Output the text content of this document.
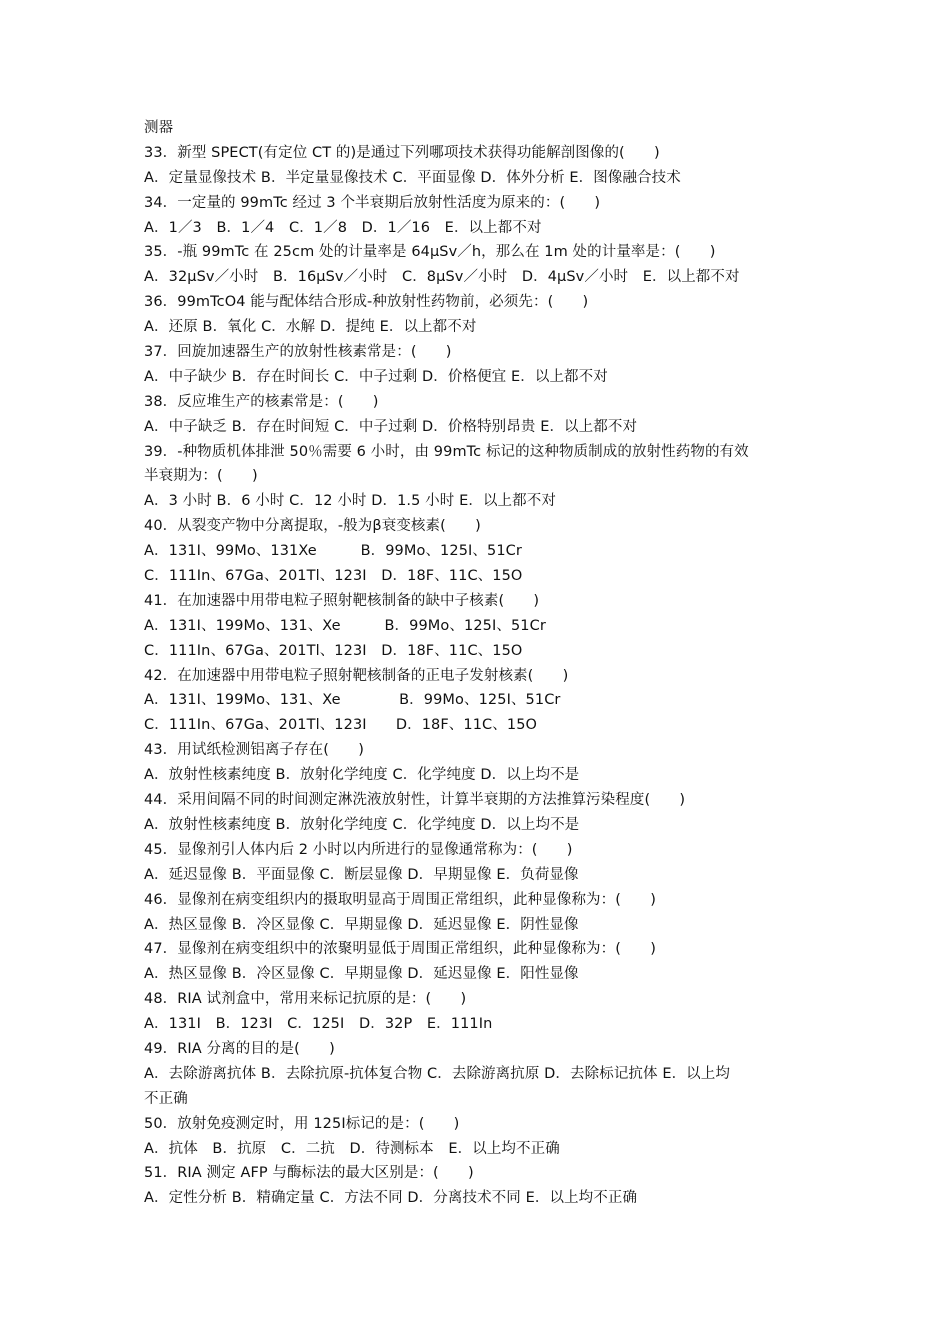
测器
33．新型 SPECT(有定位 CT 的)是通过下列哪项技术获得功能解剖图像的(　　)
A．定量显像技术 B．半定量显像技术 C．平面显像 D．体外分析 E．图像融合技术
34．一定量的 99mTc 经过 3 个半衰期后放射性活度为原来的：(　　)
A．1／3　B．1／4　C．1／8　D．1／16　E．以上都不对
35．-瓶 99mTc 在 25cm 处的计量率是 64μSv／h，那么在 1m 处的计量率是：(　　)
A．32μSv／小时　B．16μSv／小时　C．8μSv／小时　D．4μSv／小时　E．以上都不对
36．99mTcO4 能与配体结合形成-种放射性药物前，必须先：(　　)
A．还原 B．氧化 C．水解 D．提纯 E．以上都不对
37．回旋加速器生产的放射性核素常是：(　　)
A．中子缺少 B．存在时间长 C．中子过剩 D．价格便宜 E．以上都不对
38．反应堆生产的核素常是：(　　)
A．中子缺乏 B．存在时间短 C．中子过剩 D．价格特别昂贵 E．以上都不对
39．-种物质机体排泄 50％需要 6 小时，由 99mTc 标记的这种物质制成的放射性药物的有效
半衰期为：(　　)
A．3 小时 B．6 小时 C．12 小时 D．1.5 小时 E．以上都不对
40．从裂变产物中分离提取，-般为β衰变核素(　　)
A．131Ⅰ、99Mo、131Xe　　　B．99Mo、125Ⅰ、51Cr
C．111In、67Ga、201Tl、123Ⅰ　D．18F、11C、15O
41．在加速器中用带电粒子照射靶核制备的缺中子核素(　　)
A．131Ⅰ、199Mo、131、Xe　　　B．99Mo、125Ⅰ、51Cr
C．111In、67Ga、201Tl、123Ⅰ　D．18F、11C、15O
42．在加速器中用带电粒子照射靶核制备的正电子发射核素(　　)
A．131Ⅰ、199Mo、131、Xe　　　　B．99Mo、125Ⅰ、51Cr
C．111In、67Ga、201Tl、123Ⅰ　　D．18F、11C、15O
43．用试纸检测铝离子存在(　　)
A．放射性核素纯度 B．放射化学纯度 C．化学纯度 D．以上均不是
44．采用间隔不同的时间测定淋洗液放射性，计算半衰期的方法推算污染程度(　　)
A．放射性核素纯度 B．放射化学纯度 C．化学纯度 D．以上均不是
45．显像剂引人体内后 2 小时以内所进行的显像通常称为：(　　)
A．延迟显像 B．平面显像 C．断层显像 D．早期显像 E．负荷显像
46．显像剂在病变组织内的摄取明显高于周围正常组织，此种显像称为：(　　)
A．热区显像 B．冷区显像 C．早期显像 D．延迟显像 E．阴性显像
47．显像剂在病变组织中的浓聚明显低于周围正常组织，此种显像称为：(　　)
A．热区显像 B．冷区显像 C．早期显像 D．延迟显像 E．阳性显像
48．RIA 试剂盒中，常用来标记抗原的是：(　　)
A．131Ⅰ　B．123Ⅰ　C．125Ⅰ　D．32P　E．111In
49．RIA 分离的目的是(　　)
A．去除游离抗体 B．去除抗原-抗体复合物 C．去除游离抗原 D．去除标记抗体 E．以上均
不正确
50．放射免疫测定时，用 125Ⅰ标记的是：(　　)
A．抗体　B．抗原　C．二抗　D．待测标本　E．以上均不正确
51．RIA 测定 AFP 与酶标法的最大区别是：(　　)
A．定性分析 B．精确定量 C．方法不同 D．分离技术不同 E．以上均不正确
